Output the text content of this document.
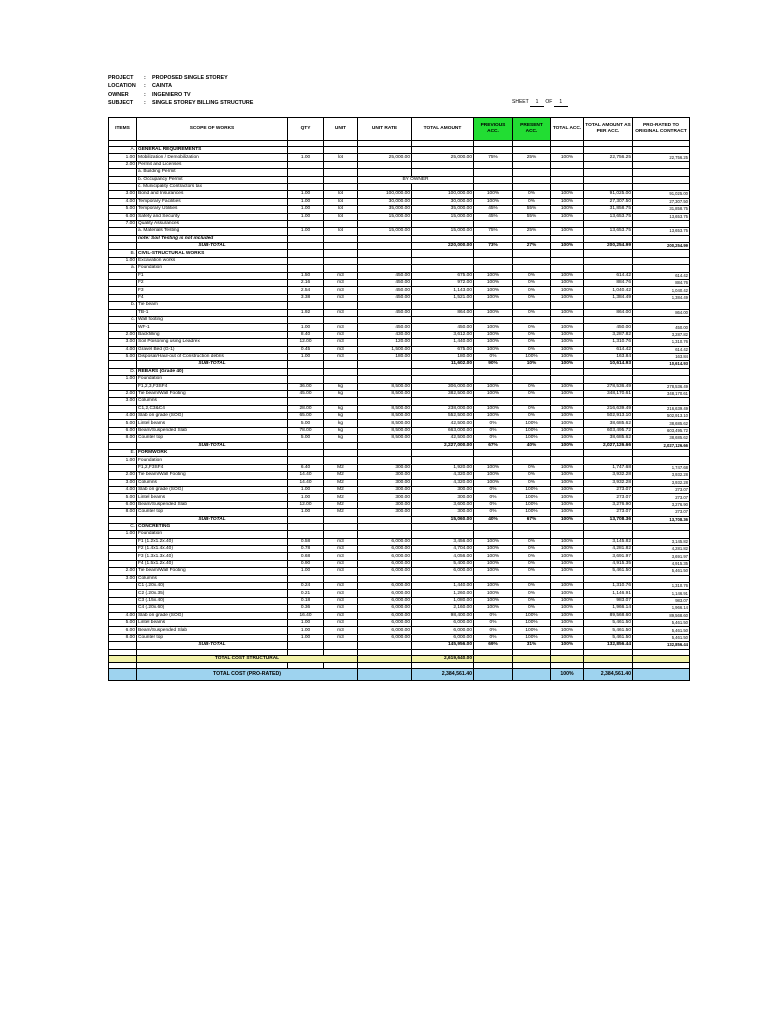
PROJECT	:	PROPOSED SINGLE STOREY
LOCATION	:	CAINTA
OWNER	:	INGENIERO TV
SUBJECT	:	SINGLE STOREY BILLING STRUCTURE	SHEET 1 OF 1
ITEMS	SCOPE OF WORKS	QTY	UNIT	UNIT RATE	TOTAL AMOUNT	PREVIOUS ACC.	PRESENT ACC.	TOTAL ACC.	TOTAL AMOUNT AS PER ACC.	PRO-RATED TO ORIGINAL CONTRACT

A.	GENERAL REQUIREMENTS									
1.00	Mobilization / Demobilization	1.00	lot	25,000.00	25,000.00	75%	25%	100%	22,756.25	22,756.25
2.00	Permit and Licenses									
	a. Building Permit									
	b. Occupancy Permit			BY OWNER						
	c. Municipality Contractors tax									
3.00	Bond and Insurances	1.00	lot	100,000.00	100,000.00	100%	0%	100%	91,025.00	91,025.00
4.00	Temporary Facilities	1.00	lot	30,000.00	30,000.00	100%	0%	100%	27,307.50	27,307.50
5.00	Temporary Utilities	1.00	lot	35,000.00	35,000.00	45%	55%	100%	31,858.75	31,858.75
6.00	Safety and Security	1.00	lot	15,000.00	15,000.00	45%	55%	100%	13,653.75	13,653.75
7.00	Quality Assurances									
	a. Materials Testing	1.00	lot	15,000.00	15,000.00	75%	25%	100%	13,653.75	13,653.75
	note: Soil Testing is not included									
	SUB-TOTAL				220,000.00	73%	27%	100%	200,254.99	200,254.99
B.	CIVIL-STRUCTURAL WORKS									
1.00	Excavation works									
a.	Foundation									
	F1	1.50	m3	450.00	675.00	100%	0%	100%	614.42	614.42
	F2	2.16	m3	450.00	972.00	100%	0%	100%	884.76	884.76
	F3	2.54	m3	450.00	1,143.00	100%	0%	100%	1,040.42	1,040.42
	F4	3.38	m3	450.00	1,521.00	100%	0%	100%	1,384.49	1,384.49
b.	Tie beam									
	TB-1	1.92	m3	450.00	864.00	100%	0%	100%	864.00	864.00
c.	Wall footing									
	WF-1	1.00	m3	450.00	450.00	100%	0%	100%	450.00	450.00
2.00	Backfilling	8.40	m3	430.00	3,612.00	100%	0%	100%	3,287.82	3,287.82
3.00	Soil Poisoning using Leadrex	12.00	m3	120.00	1,440.00	100%	0%	100%	1,310.76	1,310.76
4.00	Gravel Bed (G-1)	0.45	m3	1,500.00	675.00	100%	0%	100%	614.42	614.42
5.00	Disposal/Haul-out of Construction debris	1.00	m3	180.00	180.00	0%	100%	100%	163.84	163.84
	SUB-TOTAL				11,602.00	90%	10%	100%	10,614.93	10,614.93
D.	REBARS (Grade 40)									
1.00	Foundation									
	F1,2,3,F3SF4	36.00	kg	8,500.00	306,000.00	100%	0%	100%	278,536.49	278,536.49
2.00	Tie beam/Wall Footing	45.00	kg	8,500.00	382,500.00	100%	0%	100%	348,170.61	348,170.61
3.00	Columns									
	C1,2,C3&C4	28.00	kg	8,500.00	238,000.00	100%	0%	100%	216,639.49	216,639.49
4.00	Slab on grade (SOG)	65.00	kg	8,500.00	552,500.00	100%	0%	100%	502,913.10	502,913.10
5.00	Lintel beams	5.00	kg	8,500.00	42,500.00	0%	100%	100%	38,685.62	38,685.62
6.00	Beam/Suspended Slab	78.00	kg	8,500.00	663,000.00	0%	100%	100%	603,495.72	603,495.72
8.00	Counter top	5.00	kg	8,500.00	42,500.00	0%	100%	100%	38,685.62	38,685.62
	SUB-TOTAL				2,227,000.00	67%	40%	100%	2,027,126.66	2,027,126.66
E.	FORMWORK									
1.00	Foundation									
	F1,2,F3SF4	6.40	M2	300.00	1,920.00	100%	0%	100%	1,747.68	1,747.68
2.00	Tie beam/Wall Footing	14.40	M2	300.00	4,320.00	100%	0%	100%	3,932.28	3,932.28
3.00	Columns	14.40	M2	300.00	4,320.00	100%	0%	100%	3,932.28	3,932.28
4.00	Slab on grade (SOG)	1.00	M2	300.00	300.00	0%	100%	100%	273.07	273.07
5.00	Lintel beams	1.00	M2	300.00	300.00	0%	100%	100%	273.07	273.07
6.00	Beam/Suspended Slab	12.00	M2	300.00	3,600.00	0%	100%	100%	3,276.90	3,276.90
8.00	Counter top	1.00	M2	300.00	300.00	0%	100%	100%	273.07	273.07
	SUB-TOTAL				15,060.00	40%	67%	100%	13,708.36	13,708.36
C.	CONCRETING									
1.00	Foundation									
	F1 (1.2x1.2x.40)	0.58	m3	6,000.00	3,456.00	100%	0%	100%	3,145.82	3,145.82
	F2 (1.4x1.4x.40)	0.78	m3	6,000.00	4,704.00	100%	0%	100%	4,281.82	4,281.82
	F3 (1.3x1.3x.40)	0.68	m3	6,000.00	4,056.00	100%	0%	100%	3,691.97	3,691.97
	F4 (1.5x1.2x.40)	0.90	m3	6,000.00	5,400.00	100%	0%	100%	4,915.35	4,915.35
2.00	Tie beam/Wall Footing	1.00	m3	6,000.00	6,000.00	100%	0%	100%	5,461.50	5,461.50
3.00	Columns									
	C1 (.20x.40)	0.24	m3	6,000.00	1,440.00	100%	0%	100%	1,310.76	1,310.76
	C2 (.20x.35)	0.21	m3	6,000.00	1,260.00	100%	0%	100%	1,146.91	1,146.91
	C3 (.15x.40)	0.18	m3	6,000.00	1,080.00	100%	0%	100%	983.07	983.07
	C4 (.20x.60)	0.36	m3	6,000.00	2,160.00	100%	0%	100%	1,966.14	1,966.14
4.00	Slab on grade (SOG)	16.40	m3	6,000.00	98,400.00	0%	100%	100%	89,568.60	89,568.60
5.00	Lintel beams	1.00	m3	6,000.00	6,000.00	0%	100%	100%	5,461.50	5,461.50
6.00	Beam/Suspended Slab	1.00	m3	6,000.00	6,000.00	0%	100%	100%	5,461.50	5,461.50
8.00	Counter top	1.00	m3	6,000.00	6,000.00	0%	100%	100%	5,461.50	5,461.50
	SUB-TOTAL				145,956.00	69%	31%	100%	132,856.44	132,856.44

	TOTAL COST STRUCTURAL				2,619,640.00					

	TOTAL COST (PRO-RATED)				2,384,561.40			100%	2,384,561.40	
